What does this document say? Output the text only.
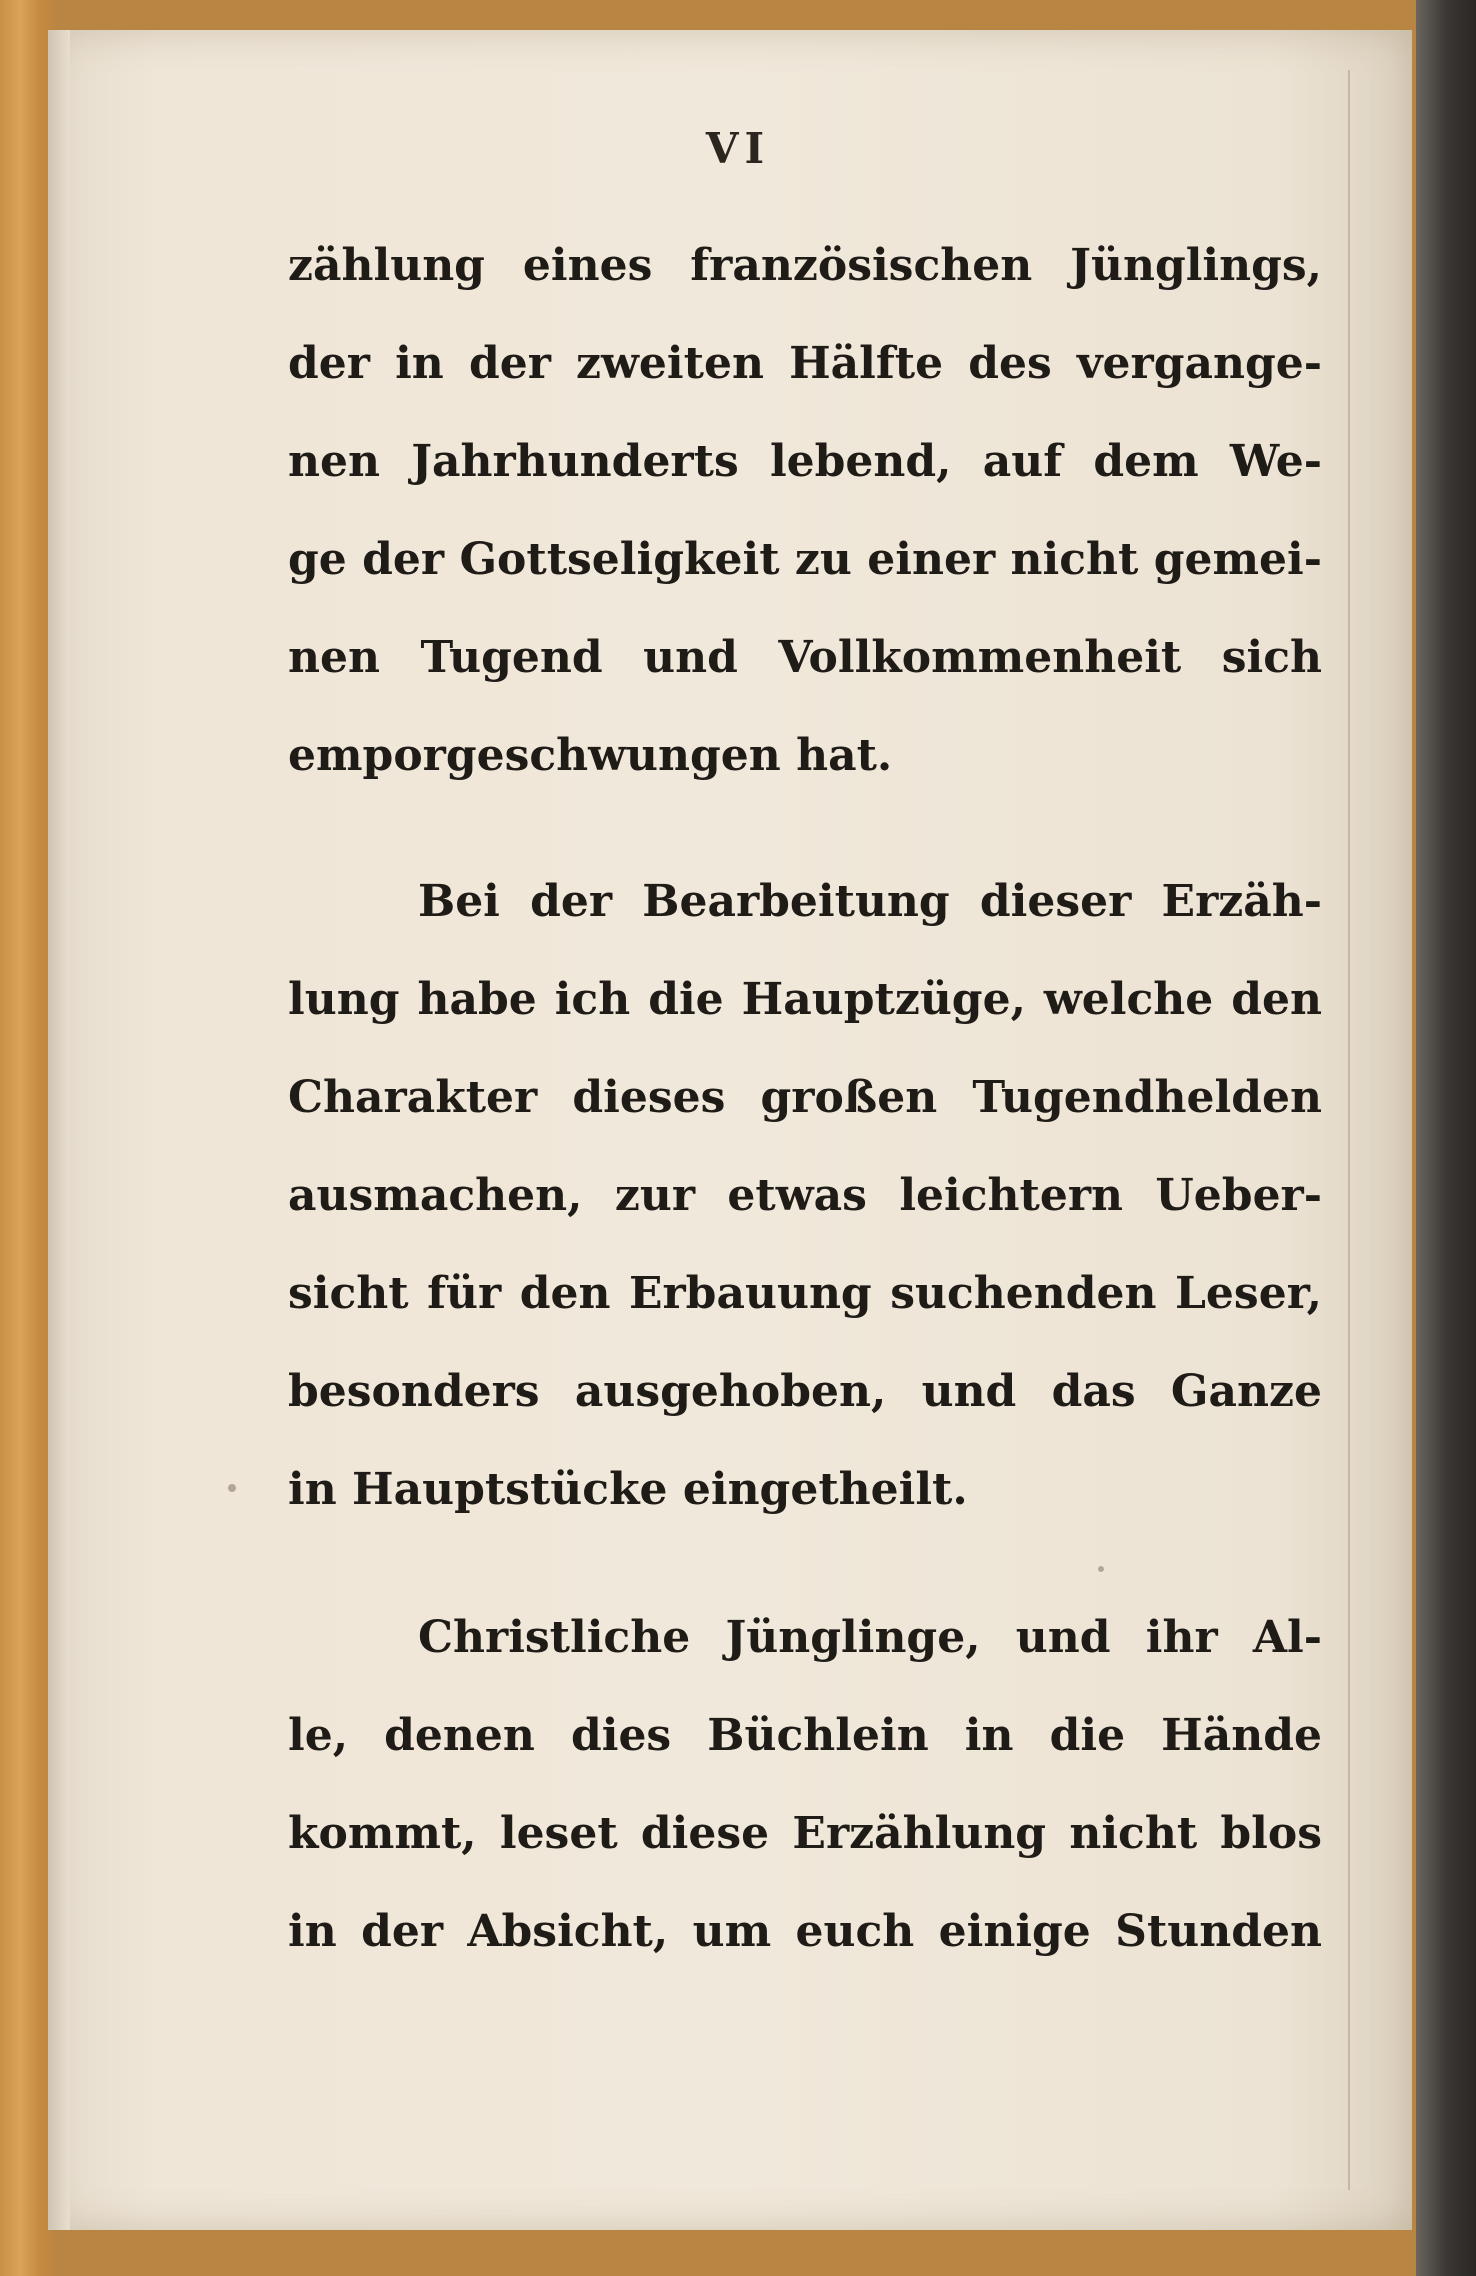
VI
zählung eines französischen Jünglings,
der in der zweiten Hälfte des vergange-
nen Jahrhunderts lebend, auf dem We-
ge der Gottseligkeit zu einer nicht gemei-
nen Tugend und Vollkommenheit sich
emporgeschwungen hat.
Bei der Bearbeitung dieser Erzäh-
lung habe ich die Hauptzüge, welche den
Charakter dieses großen Tugendhelden
ausmachen, zur etwas leichtern Ueber-
sicht für den Erbauung suchenden Leser,
besonders ausgehoben, und das Ganze
in Hauptstücke eingetheilt.
Christliche Jünglinge, und ihr Al-
le, denen dies Büchlein in die Hände
kommt, leset diese Erzählung nicht blos
in der Absicht, um euch einige Stunden
